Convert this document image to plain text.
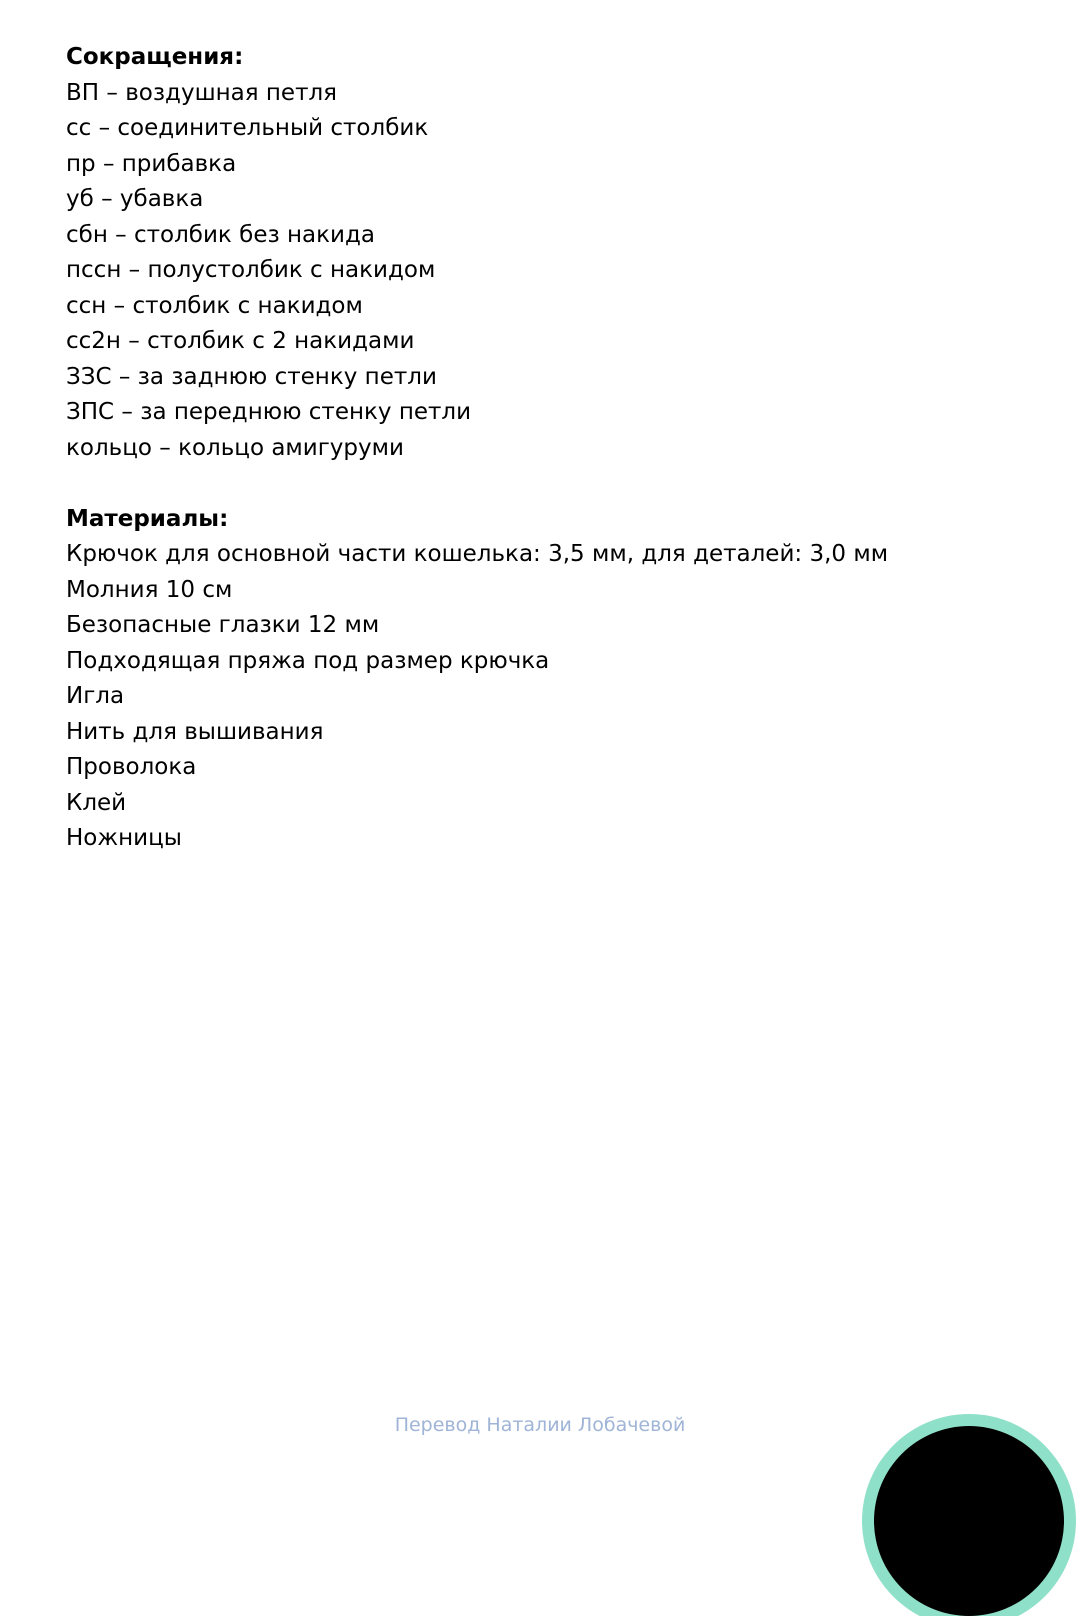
Сокращения:
ВП – воздушная петля
сс – соединительный столбик
пр – прибавка
уб – убавка
сбн – столбик без накида
пссн – полустолбик с накидом
ссн – столбик с накидом
сс2н – столбик с 2 накидами
ЗЗС – за заднюю стенку петли
ЗПС – за переднюю стенку петли
кольцо – кольцо амигуруми
Материалы:
Крючок для основной части кошелька: 3,5 мм, для деталей: 3,0 мм
Молния 10 см
Безопасные глазки 12 мм
Подходящая пряжа под размер крючка
Игла
Нить для вышивания
Проволока
Клей
Ножницы
Перевод Наталии Лобачевой
